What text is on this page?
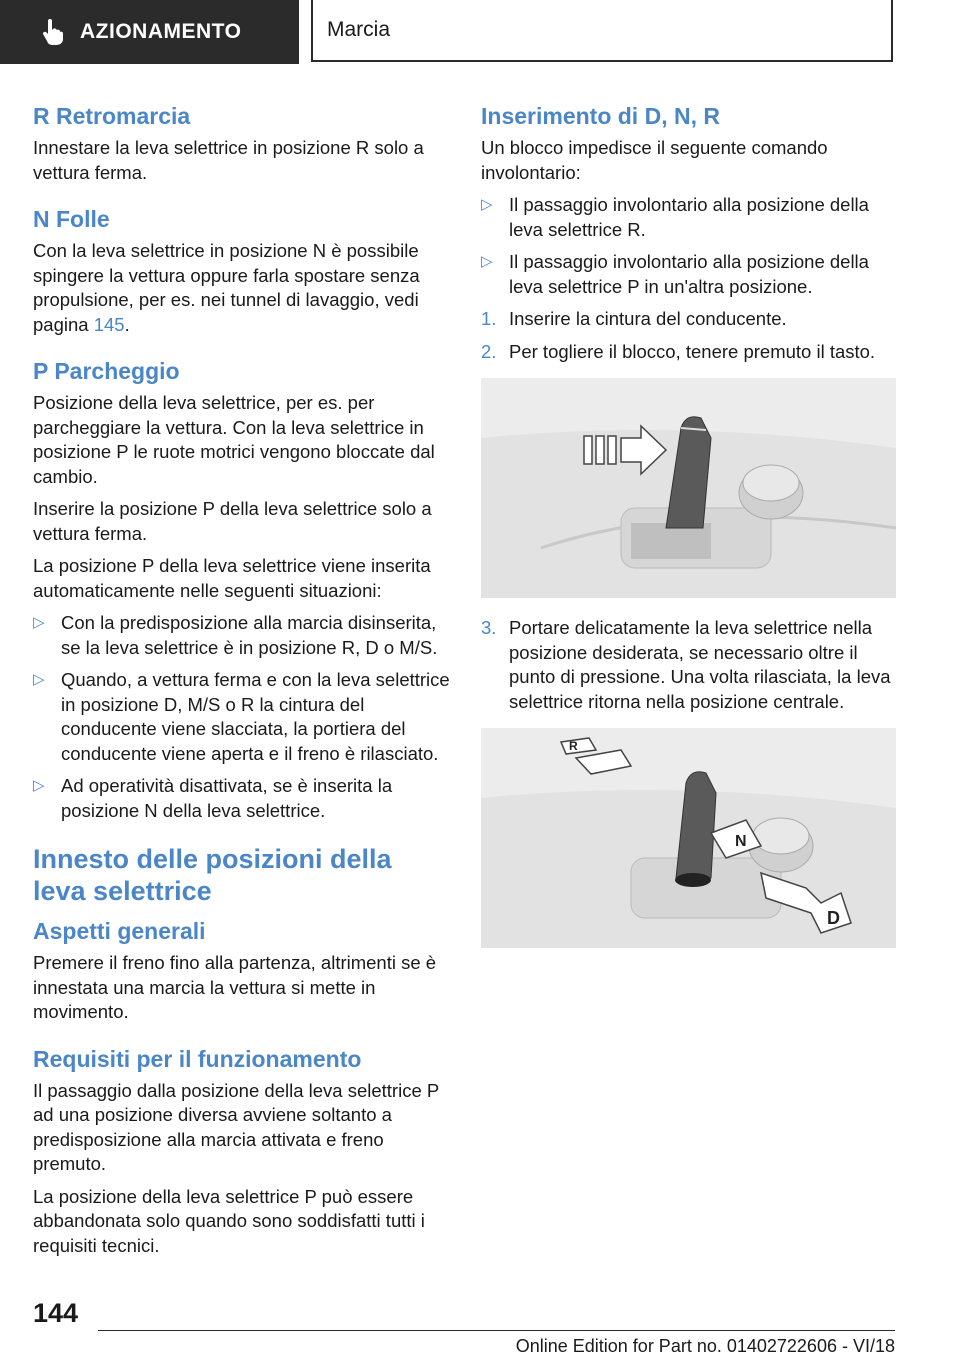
AZIONAMENTO	Marcia
R Retromarcia

Innestare la leva selettrice in posizione R solo a vettura ferma.

N Folle

Con la leva selettrice in posizione N è possibile spingere la vettura oppure farla spostare senza propulsione, per es. nei tunnel di lavaggio, vedi pagina 145.

P Parcheggio

Posizione della leva selettrice, per es. per parcheggiare la vettura. Con la leva selettrice in posizione P le ruote motrici vengono bloccate dal cambio.

Inserire la posizione P della leva selettrice solo a vettura ferma.

La posizione P della leva selettrice viene inserita automaticamente nelle seguenti situazioni:

▷ Con la predisposizione alla marcia disinserita, se la leva selettrice è in posizione R, D o M/S.
▷ Quando, a vettura ferma e con la leva selettrice in posizione D, M/S o R la cintura del conducente viene slacciata, la portiera del conducente viene aperta e il freno è rilasciato.
▷ Ad operatività disattivata, se è inserita la posizione N della leva selettrice.
Innesto delle posizioni della leva selettrice
Aspetti generali

Premere il freno fino alla partenza, altrimenti se è innestata una marcia la vettura si mette in movimento.

Requisiti per il funzionamento

Il passaggio dalla posizione della leva selettrice P ad una posizione diversa avviene soltanto a predisposizione alla marcia attivata e freno premuto.

La posizione della leva selettrice P può essere abbandonata solo quando sono soddisfatti tutti i requisiti tecnici.

Inserimento di D, N, R

Un blocco impedisce il seguente comando involontario:

▷ Il passaggio involontario alla posizione della leva selettrice R.
▷ Il passaggio involontario alla posizione della leva selettrice P in un'altra posizione.
1. Inserire la cintura del conducente.
2. Per togliere il blocco, tenere premuto il tasto.
3. Portare delicatamente la leva selettrice nella posizione desiderata, se necessario oltre il punto di pressione. Una volta rilasciata, la leva selettrice ritorna nella posizione centrale.
R
N
D
144
Online Edition for Part no. 01402722606 - VI/18
